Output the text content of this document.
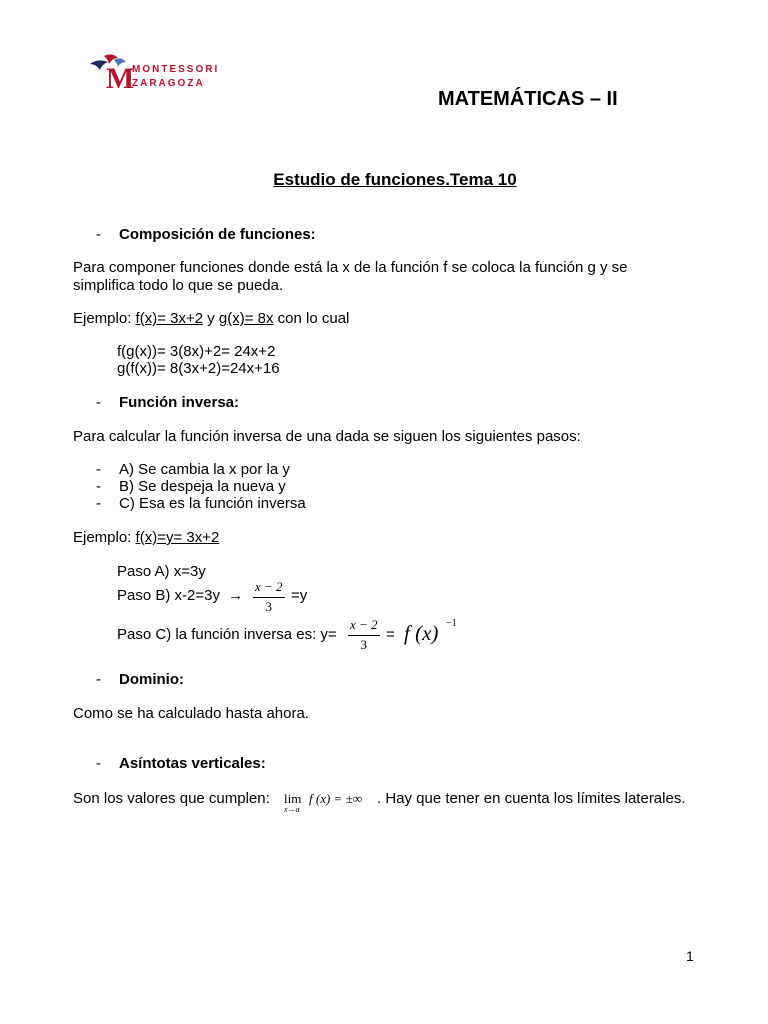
M
MONTESSORI
ZARAGOZA
MATEMÁTICAS – II
Estudio de funciones.Tema 10
- Composición de funciones:
Para componer funciones donde está la x de la función f se coloca la función g y se
simplifica todo lo que se pueda.
Ejemplo: f(x)= 3x+2 y g(x)= 8x con lo cual
f(g(x))= 3(8x)+2= 24x+2
g(f(x))= 8(3x+2)=24x+16
- Función inversa:
Para calcular la función inversa de una dada se siguen los siguientes pasos:
- A) Se cambia la x por la y
- B) Se despeja la nueva y
- C) Esa es la función inversa
Ejemplo: f(x)=y= 3x+2
Paso A) x=3y
Paso B) $x-2=3y \to \frac{x - 2}{3} =y$
Paso C) la función inversa es: $y= \frac{x - 2}{3} = f$ (x) −1
- Dominio:
Como se ha calculado hasta ahora.
- Asíntotas verticales:
Son los valores que cumplen: lim
x→a
f (x) = ±∞ . Hay que tener en cuenta los límites laterales.
1
